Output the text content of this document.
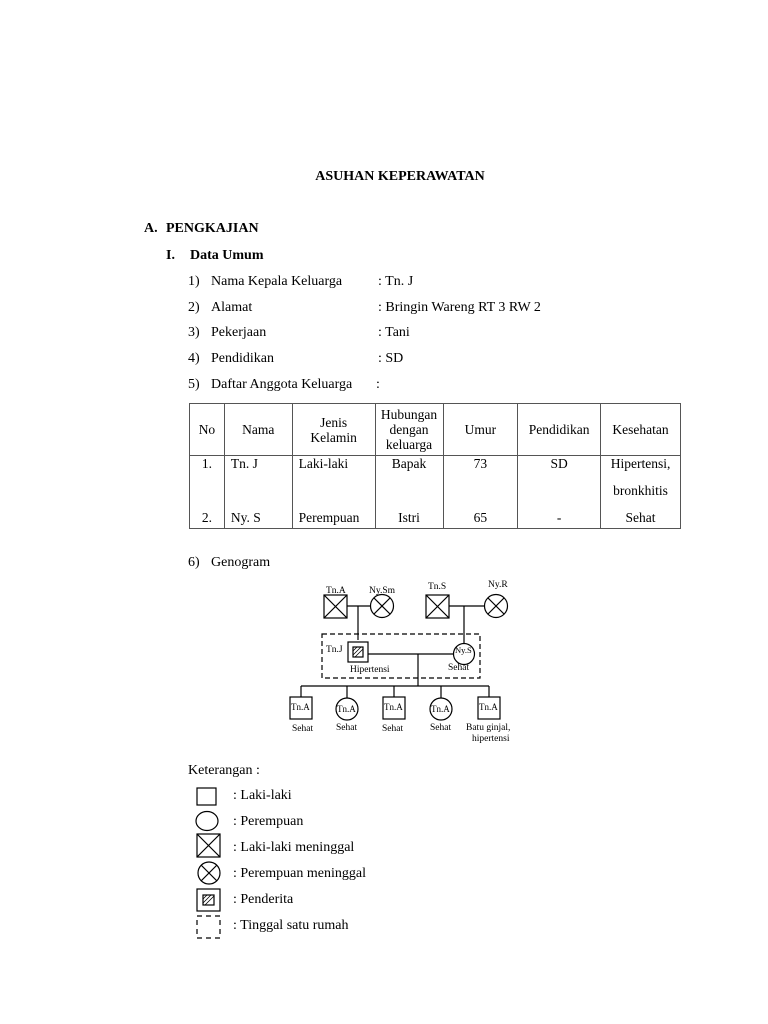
ASUHAN KEPERAWATAN
A. PENGKAJIAN
I. Data Umum
1) Nama Kepala Keluarga	: Tn. J
2) Alamat	: Bringin Wareng RT 3 RW 2
3) Pekerjaan	: Tani
4) Pendidikan	: SD
5) Daftar Anggota Keluarga :
No	Nama	Jenis Kelamin	Hubungan dengan keluarga	Umur	Pendidikan	Kesehatan
1.	Tn. J	Laki-laki	Bapak	73	SD	Hipertensi,
						bronkhitis
2.	Ny. S	Perempuan	Istri	65	-	Sehat
6) Genogram
Tn.A Ny.Sm	Tn.S	Ny.R
Tn.J
Hipertensi
Ny.S
Sehat
Tn.A
Sehat
Tn.A
Sehat
Tn.A
Sehat
Tn.A
Sehat
Tn.A
Batu ginjal,
hipertensi
Keterangan :
: Laki-laki
: Perempuan
: Laki-laki meninggal
: Perempuan meninggal
: Penderita
: Tinggal satu rumah
